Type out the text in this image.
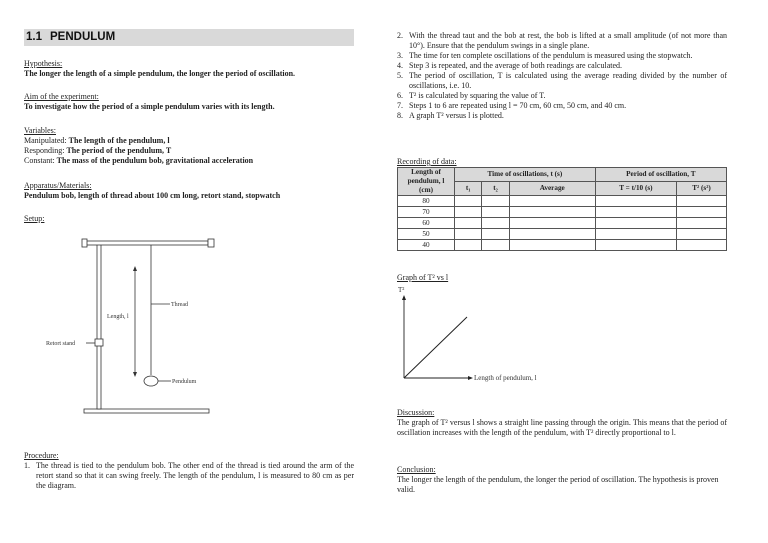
1.1 PENDULUM
Hypothesis:
The longer the length of a simple pendulum, the longer the period of oscillation.
Aim of the experiment:
To investigate how the period of a simple pendulum varies with its length.
Variables:
Manipulated: The length of the pendulum, l
Responding: The period of the pendulum, T
Constant: The mass of the pendulum bob, gravitational acceleration
Apparatus/Materials:
Pendulum bob, length of thread about 100 cm long, retort stand, stopwatch
Setup:
Retort stand
Thread
Length, l
Pendulum
Procedure:
1. The thread is tied to the pendulum bob. The other end of the thread is tied around the arm of the retort stand so that it can swing freely. The length of the pendulum, l is measured to 80 cm as per the diagram.
2. With the thread taut and the bob at rest, the bob is lifted at a small amplitude (of not more than 10°). Ensure that the pendulum swings in a single plane.
3. The time for ten complete oscillations of the pendulum is measured using the stopwatch.
4. Step 3 is repeated, and the average of both readings are calculated.
5. The period of oscillation, T is calculated using the average reading divided by the number of oscillations, i.e. 10.
6. T² is calculated by squaring the value of T.
7. Steps 1 to 6 are repeated using l = 70 cm, 60 cm, 50 cm, and 40 cm.
8. A graph T² versus l is plotted.
Recording of data:
Length of pendulum, l (cm)	Time of oscillations, t (s)			Period of oscillation, T	
	t₁	t₂	Average	T = t/10 (s)	T² (s²)
80					
70					
60					
50					
40					
Graph of T² vs l
T²
Length of pendulum, l
Discussion:
The graph of T² versus l shows a straight line passing through the origin. This means that the period of oscillation increases with the length of the pendulum, with T² directly proportional to l.
Conclusion:
The longer the length of the pendulum, the longer the period of oscillation. The hypothesis is proven valid.
